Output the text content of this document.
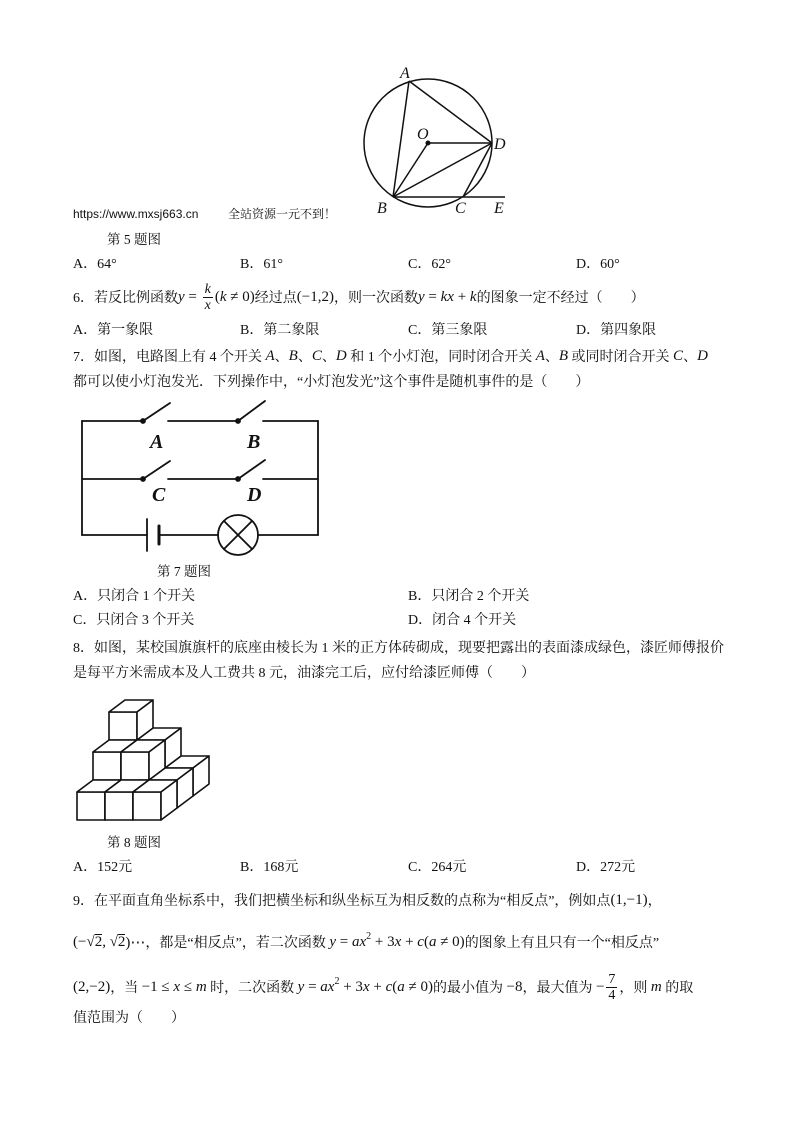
A
O
D
B	C E
A	B
C	D
https://www.mxsj663.cn 全站资源一元不到！
第 5 题图
A．64°	B．61°	C．62°	D．60°
6．若反比例函数 $y = \frac{k}{x}$ ( k ≠ 0) 经过点 (−1,2) ，则一次函数 y = kx + k 的图象一定不经过（　　）
A．第一象限	B．第二象限	C．第三象限	D．第四象限
7．如图，电路图上有 4 个开关 A 、 B 、 C 、 D 和 1 个小灯泡，同时闭合开关 A 、 B 或同时闭合开关 C 、 D
都可以使小灯泡发光．下列操作中，“小灯泡发光”这个事件是随机事件的是（　　）
第 7 题图
A．只闭合 1 个开关	B．只闭合 2 个开关
C．只闭合 3 个开关	D．闭合 4 个开关
8．如图，某校国旗旗杆的底座由棱长为 1 米的正方体砖砌成，现要把露出的表面漆成绿色，漆匠师傅报价
是每平方米需成本及人工费共 8 元，油漆完工后，应付给漆匠师傅（　　）
第 8 题图
A．152元	B．168元	C．264元	D．272元
9．在平面直角坐标系中，我们把横坐标和纵坐标互为相反数的点称为“相反点”，例如点 (1,−1) ，
(−√ 2 , √ 2 )⋯ ，都是“相反点”，若二次函数 y = ax 2 + 3 x + c ( a ≠ 0) 的图象上有且只有一个“相反点”
(2,−2) ，当 −1 ≤ x ≤ m 时，二次函数 y = ax 2 + 3 x + c ( a ≠ 0) 的最小值为 −8 ，最大值为 − $\frac{7}{4}$ ，则 m 的取
值范围为（　　）
